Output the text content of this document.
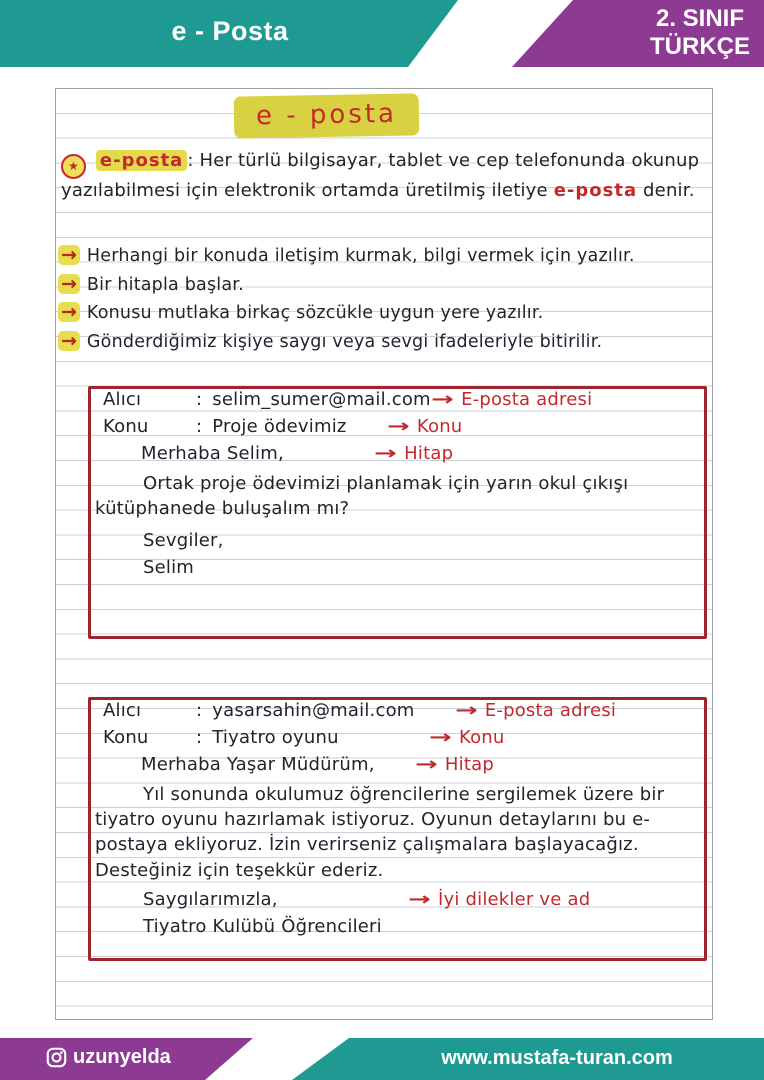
e - Posta	2. SINIF
TÜRKÇE
e - posta
★ e-posta : Her türlü bilgisayar, tablet ve cep telefonunda okunup yazılabilmesi için elektronik ortamda üretilmiş iletiye e-posta denir.
→ Herhangi bir konuda iletişim kurmak, bilgi vermek için yazılır.
→ Bir hitapla başlar.
→ Konusu mutlaka birkaç sözcükle uygun yere yazılır.
→ Gönderdiğimiz kişiye saygı veya sevgi ifadeleriyle bitirilir.
Alıcı	: selim_sumer@mail.com → E-posta adresi
Konu	: Proje ödevimiz → Konu
Merhaba Selim,	→ Hitap

Ortak proje ödevimizi planlamak için yarın okul çıkışı kütüphanede buluşalım mı?

Sevgiler,
Selim
Alıcı	: yasarsahin@mail.com → E-posta adresi
Konu	: Tiyatro oyunu	→ Konu
Merhaba Yaşar Müdürüm, → Hitap

Yıl sonunda okulumuz öğrencilerine sergilemek üzere bir tiyatro oyunu hazırlamak istiyoruz. Oyunun detaylarını bu e-postaya ekliyoruz. İzin verirseniz çalışmalara başlayacağız. Desteğiniz için teşekkür ederiz.

Saygılarımızla,	→ İyi dilekler ve ad
Tiyatro Kulübü Öğrencileri
uzunyelda	www.mustafa-turan.com
